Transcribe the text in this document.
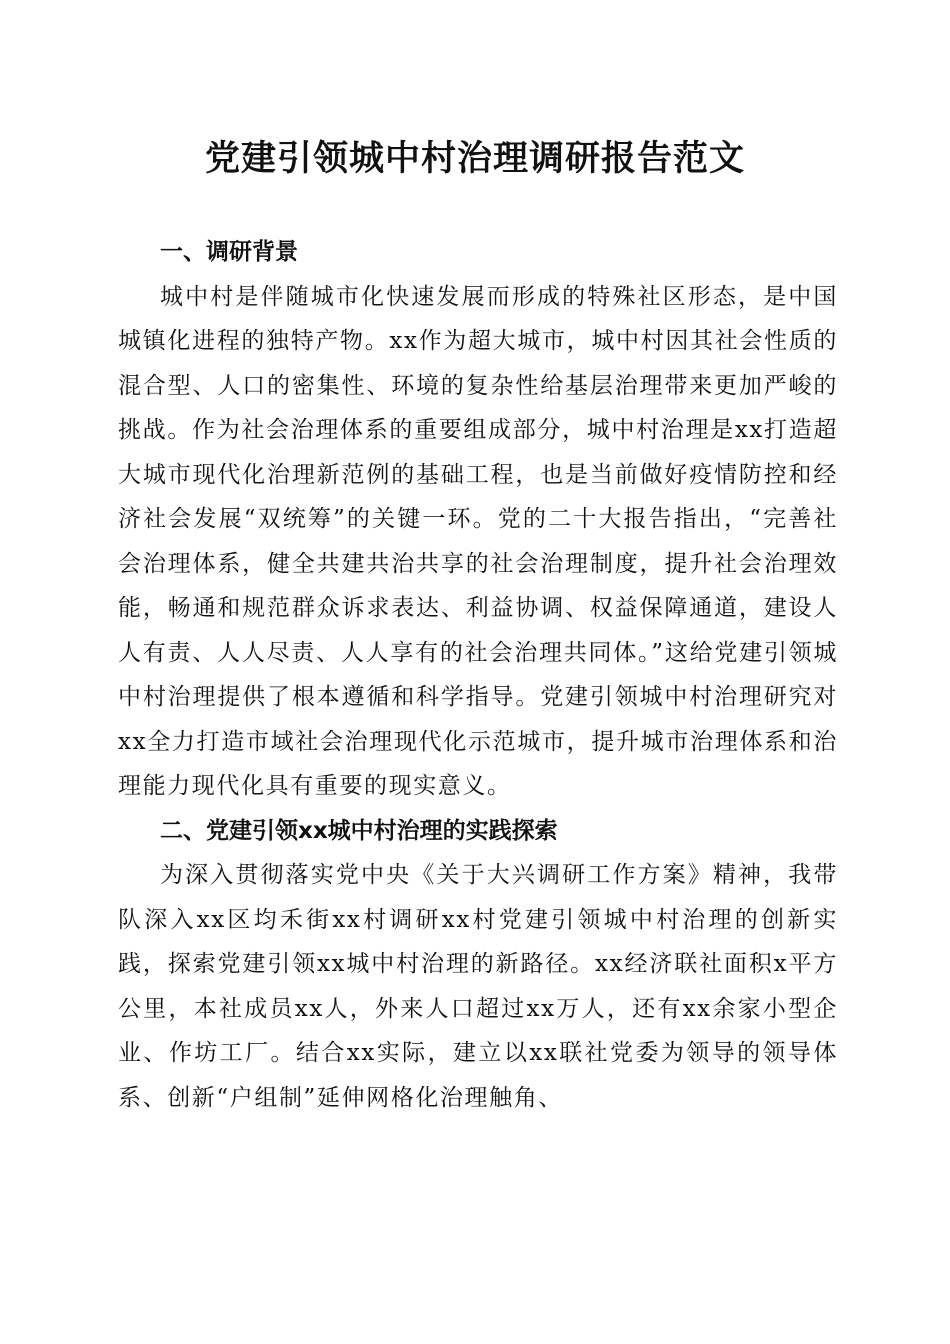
党建引领城中村治理调研报告范文

一、调研背景

城中村是伴随城市化快速发展而形成的特殊社区形态，是中国城镇化进程的独特产物。xx作为超大城市，城中村因其社会性质的混合型、人口的密集性、环境的复杂性给基层治理带来更加严峻的挑战。作为社会治理体系的重要组成部分，城中村治理是xx打造超大城市现代化治理新范例的基础工程，也是当前做好疫情防控和经济社会发展“双统筹”的关键一环。党的二十大报告指出，“完善社会治理体系，健全共建共治共享的社会治理制度，提升社会治理效能，畅通和规范群众诉求表达、利益协调、权益保障通道，建设人人有责、人人尽责、人人享有的社会治理共同体。”这给党建引领城中村治理提供了根本遵循和科学指导。党建引领城中村治理研究对xx全力打造市域社会治理现代化示范城市，提升城市治理体系和治理能力现代化具有重要的现实意义。

二、党建引领xx城中村治理的实践探索

为深入贯彻落实党中央《关于大兴调研工作方案》精神，我带队深入xx区均禾街xx村调研xx村党建引领城中村治理的创新实践，探索党建引领xx城中村治理的新路径。xx经济联社面积x平方公里，本社成员xx人，外来人口超过xx万人，还有xx余家小型企业、作坊工厂。结合xx实际，建立以xx联社党委为领导的领导体系、创新“户组制”延伸网格化治理触角、
